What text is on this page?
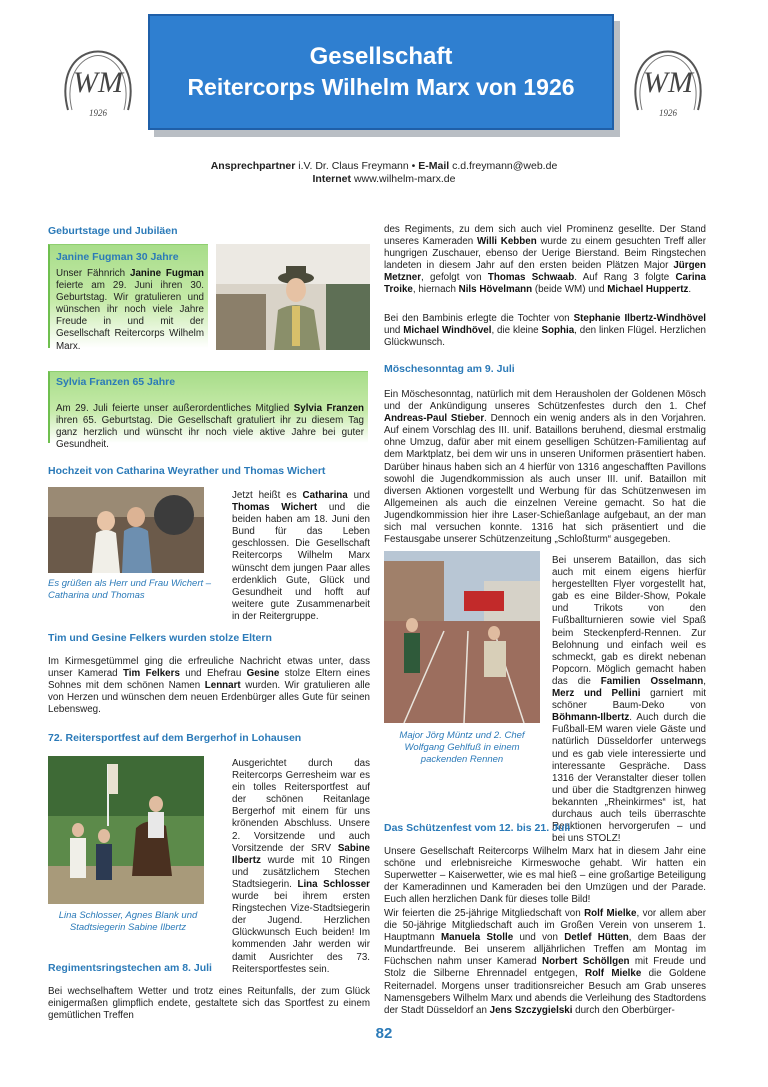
WM
1926
WM
1926
Gesellschaft
Reitercorps Wilhelm Marx von 1926
Ansprechpartner i.V. Dr. Claus Freymann • E-Mail c.d.freymann@web.de
Internet www.wilhelm-marx.de
Geburtstage und Jubiläen
Janine Fugman 30 Jahre
Unser Fähnrich Janine Fugman feierte am 29. Juni ihren 30. Geburtstag. Wir gratulieren und wünschen ihr noch viele Jahre Freude in und mit der Gesellschaft Reitercorps Wilhelm Marx.
Sylvia Franzen 65 Jahre
Am 29. Juli feierte unser außerordentliches Mitglied Sylvia Franzen ihren 65. Geburtstag. Die Gesellschaft gratuliert ihr zu diesem Tag ganz herzlich und wünscht ihr noch viele aktive Jahre bei guter Gesundheit.
Hochzeit von Catharina Weyrather und Thomas Wichert
Es grüßen als Herr und Frau Wichert – Catharina und Thomas
Jetzt heißt es Catharina und Thomas Wichert und die beiden haben am 18. Juni den Bund für das Leben geschlossen. Die Gesellschaft Reitercorps Wilhelm Marx wünscht dem jungen Paar alles erdenklich Gute, Glück und Gesundheit und hofft auf weitere gute Zusammenarbeit in der Reitergruppe.
Tim und Gesine Felkers wurden stolze Eltern
Im Kirmesgetümmel ging die erfreuliche Nachricht etwas unter, dass unser Kamerad Tim Felkers und Ehefrau Gesine stolze Eltern eines Sohnes mit dem schönen Namen Lennart wurden. Wir gratulieren alle von Herzen und wünschen dem neuen Erdenbürger alles Gute für seinen Lebensweg.
72. Reitersportfest auf dem Bergerhof in Lohausen
Lina Schlosser, Agnes Blank und Stadtsiegerin Sabine Ilbertz
Ausgerichtet durch das Reitercorps Gerresheim war es ein tolles Reitersportfest auf der schönen Reitanlage Bergerhof mit einem für uns krönenden Abschluss. Unsere 2. Vorsitzende und auch Vorsitzende der SRV Sabine Ilbertz wurde mit 10 Ringen und zusätzlichem Stechen Stadtsiegerin. Lina Schlosser wurde bei ihrem ersten Ringstechen Vize-Stadtsiegerin der Jugend. Herzlichen Glückwunsch Euch beiden! Im kommenden Jahr werden wir damit Ausrichter des 73. Reitersportfestes sein.
Regimentsringstechen am 8. Juli
Bei wechselhaftem Wetter und trotz eines Reitunfalls, der zum Glück einigermaßen glimpflich endete, gestaltete sich das Sportfest zu einem gemütlichen Treffen
des Regiments, zu dem sich auch viel Prominenz gesellte. Der Stand unseres Kameraden Willi Kebben wurde zu einem gesuchten Treff aller hungrigen Zuschauer, ebenso der Uerige Bierstand. Beim Ringstechen landeten in diesem Jahr auf den ersten beiden Plätzen Major Jürgen Metzner, gefolgt von Thomas Schwaab. Auf Rang 3 folgte Carina Troike, hiernach Nils Hövelmann (beide WM) und Michael Huppertz.
Bei den Bambinis erlegte die Tochter von Stephanie Ilbertz-Windhövel und Michael Windhövel, die kleine Sophia, den linken Flügel. Herzlichen Glückwunsch.
Möschesonntag am 9. Juli
Ein Möschesonntag, natürlich mit dem Herausholen der Goldenen Mösch und der Ankündigung unseres Schützenfestes durch den 1. Chef Andreas-Paul Stieber. Dennoch ein wenig anders als in den Vorjahren. Auf einem Vorschlag des III. unif. Bataillons beruhend, diesmal erstmalig ohne Umzug, dafür aber mit einem geselligen Schützen-Familientag auf dem Marktplatz, bei dem wir uns in unseren Uniformen präsentiert haben. Darüber hinaus haben sich an 4 hierfür von 1316 angeschafften Pavillons sowohl die Jugendkommission als auch unser III. unif. Bataillon mit diversen Aktionen vorgestellt und Werbung für das Schützenwesen im Allgemeinen als auch die einzelnen Vereine gemacht. So hat die Jugendkommission hier ihre Laser-Schießanlage aufgebaut, an der man sich mal versuchen konnte. 1316 hat sich präsentiert und die Festausgabe unserer Schützenzeitung „Schloßturm“ ausgegeben.
Major Jörg Müntz und 2. Chef Wolfgang Gehlfuß in einem packenden Rennen
Bei unserem Bataillon, das sich auch mit einem eigens hierfür hergestellten Flyer vorgestellt hat, gab es eine Bilder-Show, Pokale und Trikots von den Fußballturnieren sowie viel Spaß beim Steckenpferd-Rennen. Zur Belohnung und einfach weil es schmeckt, gab es direkt nebenan Popcorn. Möglich gemacht haben das die Familien Osselmann, Merz und Pellini garniert mit schöner Baum-Deko von Böhmann-Ilbertz. Auch durch die Fußball-EM waren viele Gäste und natürlich Düsseldorfer unterwegs und es gab viele interessierte und interessante Gespräche. Dass 1316 der Veranstalter dieser tollen und über die Stadtgrenzen hinweg bekannten „Rheinkirmes“ ist, hat durchaus auch teils überraschte Reaktionen hervorgerufen – und bei uns STOLZ!
Das Schützenfest vom 12. bis 21. Juli
Unsere Gesellschaft Reitercorps Wilhelm Marx hat in diesem Jahr eine schöne und erlebnisreiche Kirmeswoche gehabt. Wir hatten ein Superwetter – Kaiserwetter, wie es mal hieß – eine großartige Beteiligung der Kameradinnen und Kameraden bei den Umzügen und der Parade. Euch allen herzlichen Dank für dieses tolle Bild!
Wir feierten die 25-jährige Mitgliedschaft von Rolf Mielke, vor allem aber die 50-jährige Mitgliedschaft auch im Großen Verein von unserem 1. Hauptmann Manuela Stolle und von Detlef Hütten, dem Baas der Mundartfreunde. Bei unserem alljährlichen Treffen am Montag im Füchschen nahm unser Kamerad Norbert Schöllgen mit Freude und Stolz die Silberne Ehrennadel entgegen, Rolf Mielke die Goldene Reiternadel. Morgens unser traditionsreicher Besuch am Grab unseres Namensgebers Wilhelm Marx und abends die Verleihung des Stadtordens der Stadt Düsseldorf an Jens Szczygielski durch den Oberbürger-
82
